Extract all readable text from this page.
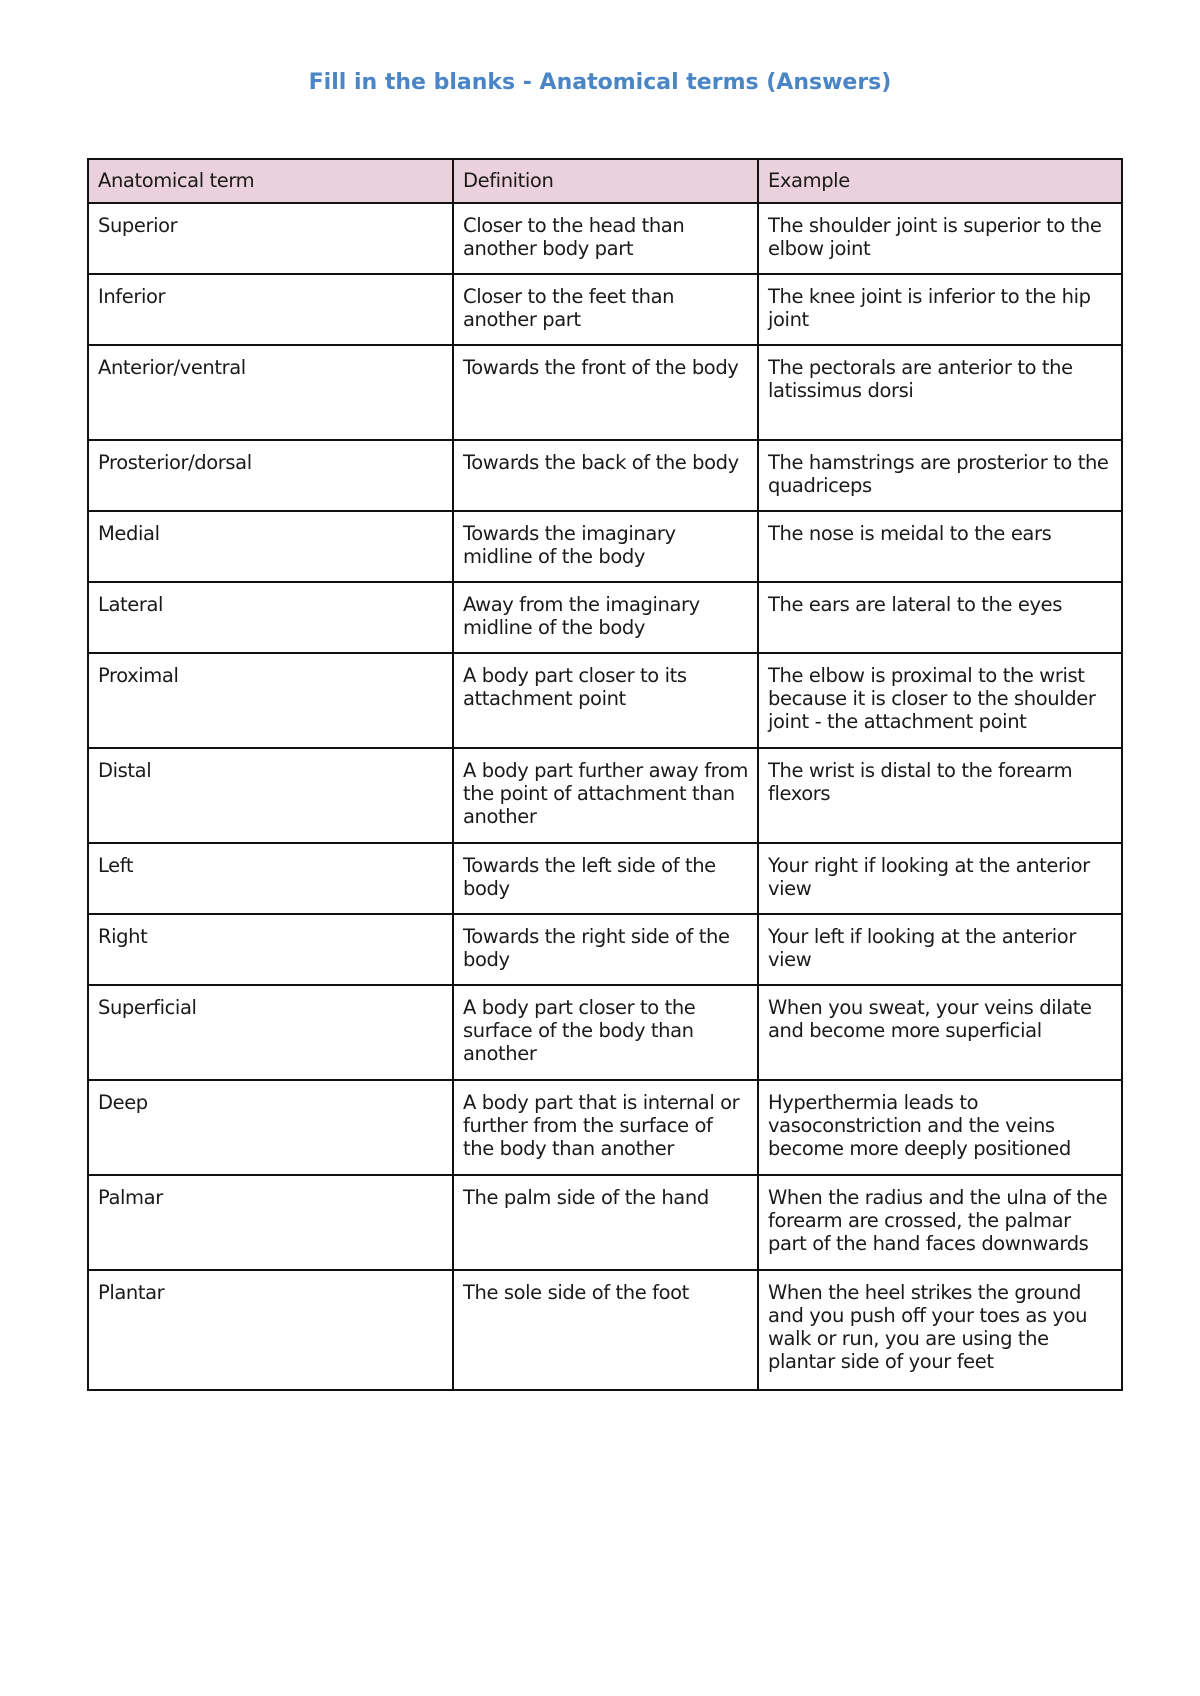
Fill in the blanks - Anatomical terms (Answers)
Anatomical term	Definition	Example
Superior	Closer to the head than another body part	The shoulder joint is superior to the elbow joint
Inferior	Closer to the feet than another part	The knee joint is inferior to the hip joint
Anterior/ventral	Towards the front of the body	The pectorals are anterior to the latissimus dorsi
Prosterior/dorsal	Towards the back of the body	The hamstrings are prosterior to the quadriceps
Medial	Towards the imaginary midline of the body	The nose is meidal to the ears
Lateral	Away from the imaginary midline of the body	The ears are lateral to the eyes
Proximal	A body part closer to its attachment point	The elbow is proximal to the wrist because it is closer to the shoulder joint - the attachment point
Distal	A body part further away from the point of attachment than another	The wrist is distal to the forearm flexors
Left	Towards the left side of the body	Your right if looking at the anterior view
Right	Towards the right side of the body	Your left if looking at the anterior view
Superficial	A body part closer to the surface of the body than another	When you sweat, your veins dilate and become more superficial
Deep	A body part that is internal or further from the surface of the body than another	Hyperthermia leads to vasoconstriction and the veins become more deeply positioned
Palmar	The palm side of the hand	When the radius and the ulna of the forearm are crossed, the palmar part of the hand faces downwards
Plantar	The sole side of the foot	When the heel strikes the ground and you push off your toes as you walk or run, you are using the plantar side of your feet
